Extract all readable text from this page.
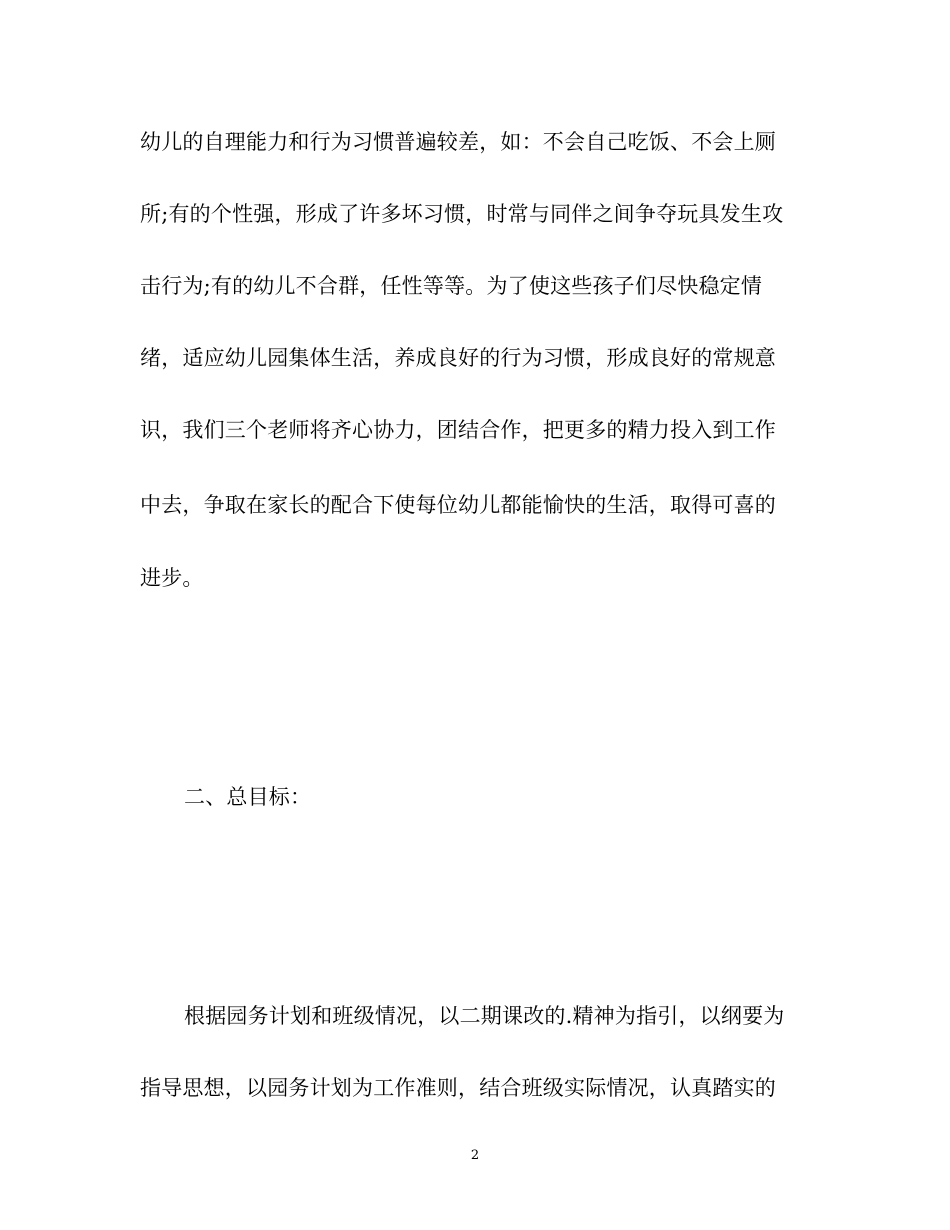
幼儿的自理能力和行为习惯普遍较差，如：不会自己吃饭、不会上厕
所;有的个性强，形成了许多坏习惯，时常与同伴之间争夺玩具发生攻
击行为;有的幼儿不合群，任性等等。为了使这些孩子们尽快稳定情
绪，适应幼儿园集体生活，养成良好的行为习惯，形成良好的常规意
识，我们三个老师将齐心协力，团结合作，把更多的精力投入到工作
中去，争取在家长的配合下使每位幼儿都能愉快的生活，取得可喜的
进步。
二、总目标：
根据园务计划和班级情况，以二期课改的.精神为指引，以纲要为
指导思想，以园务计划为工作准则，结合班级实际情况，认真踏实的
2
